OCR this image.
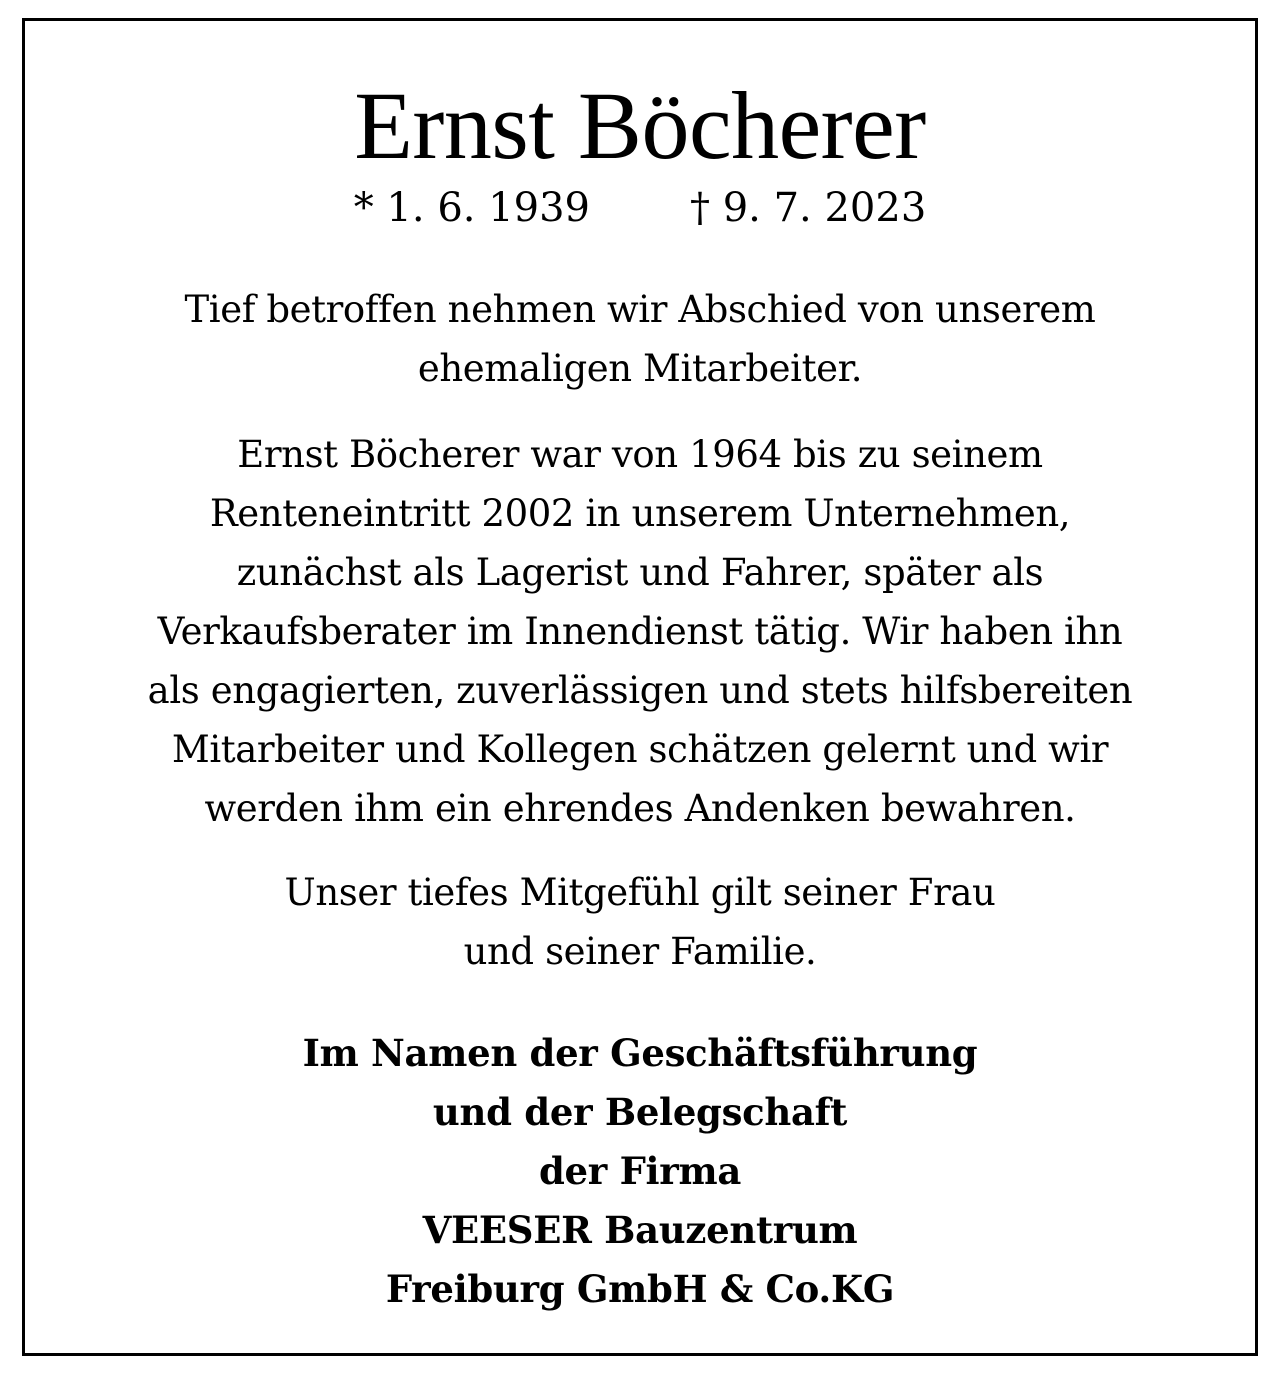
Ernst Böcherer
* 1. 6. 1939	† 9. 7. 2023

Tief betroffen nehmen wir Abschied von unserem
ehemaligen Mitarbeiter.

Ernst Böcherer war von 1964 bis zu seinem
Renteneintritt 2002 in unserem Unternehmen,
zunächst als Lagerist und Fahrer, später als
Verkaufsberater im Innendienst tätig. Wir haben ihn
als engagierten, zuverlässigen und stets hilfsbereiten
Mitarbeiter und Kollegen schätzen gelernt und wir
werden ihm ein ehrendes Andenken bewahren.

Unser tiefes Mitgefühl gilt seiner Frau
und seiner Familie.

Im Namen der Geschäftsführung
und der Belegschaft
der Firma
VEESER Bauzentrum
Freiburg GmbH & Co.KG
